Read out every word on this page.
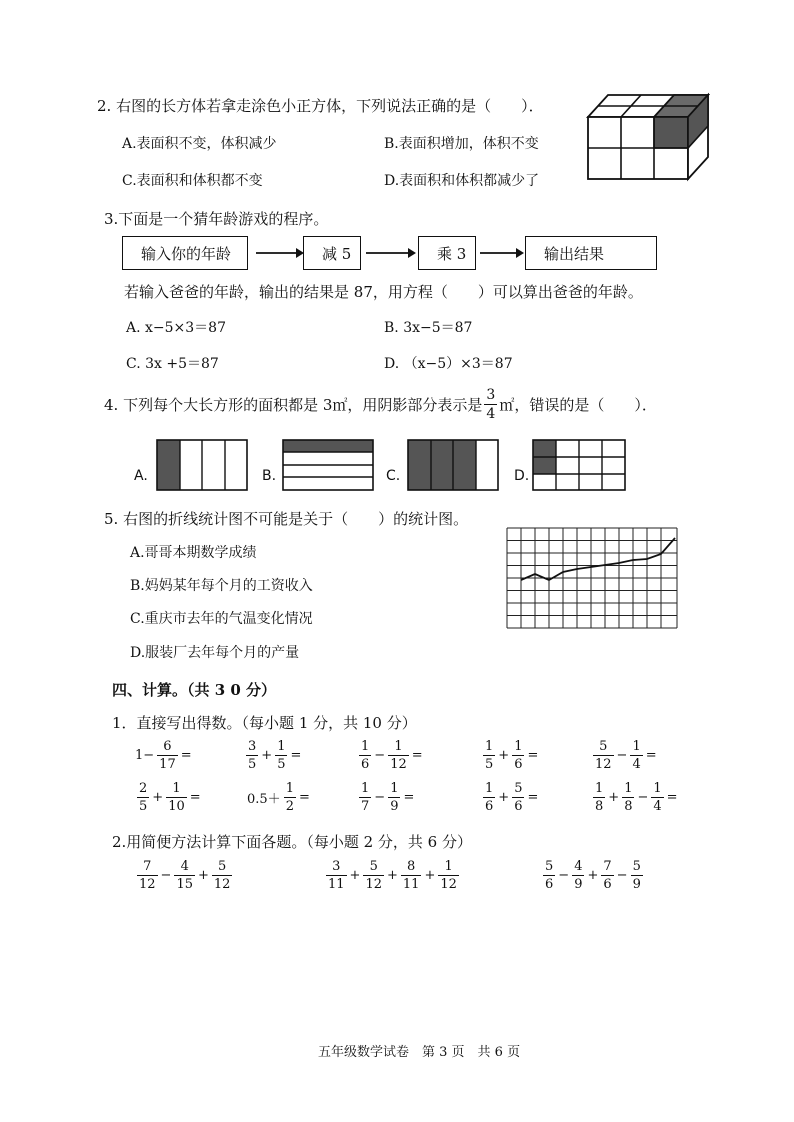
2. 右图的长方体若拿走涂色小正方体，下列说法正确的是（　　）．
A.表面积不变，体积减少	B.表面积增加，体积不变
C.表面积和体积都不变	D.表面积和体积都减少了
3.下面是一个猜年龄游戏的程序。
输入你的年龄	减 5	乘 3	输出结果
若输入爸爸的年龄，输出的结果是 87，用方程（　　）可以算出爸爸的年龄。
A. x−5×3＝87	B. 3x−5＝87
C. 3x +5＝87	D. （x−5）×3＝87
4. 下列每个大长方形的面积都是 3㎡，用阴影部分表示是 $\frac{3}{4}$ ㎡，错误的是（　　）．
A.	B.	C.	D.
5. 右图的折线统计图不可能是关于（　　）的统计图。
A.哥哥本期数学成绩
B.妈妈某年每个月的工资收入
C.重庆市去年的气温变化情况
D.服装厂去年每个月的产量
四、计算。（共 3 0 分）
1．直接写出得数。（每小题 1 分，共 10 分）
$1- \frac{6}{17}$ =	$\frac{3}{5} + \frac{1}{5}$ =	$\frac{1}{6} - \frac{1}{12}$ =	$\frac{1}{5} + \frac{1}{6}$ =	$\frac{5}{12} - \frac{1}{4}$ =
$\frac{2}{5} + \frac{1}{10}$ =	$0.5+ \frac{1}{2}$ =	$\frac{1}{7} - \frac{1}{9}$ =	$\frac{1}{6} + \frac{5}{6}$ =	$\frac{1}{8} + \frac{1}{8} - \frac{1}{4}$ =
2.用简便方法计算下面各题。（每小题 2 分，共 6 分）
$\frac{7}{12} - \frac{4}{15} + \frac{5}{12}$	$\frac{3}{11} + \frac{5}{12} + \frac{8}{11} + \frac{1}{12}$	$\frac{5}{6} - \frac{4}{9} + \frac{7}{6} - \frac{5}{9}$
五年级数学试卷　第 3 页　共 6 页
